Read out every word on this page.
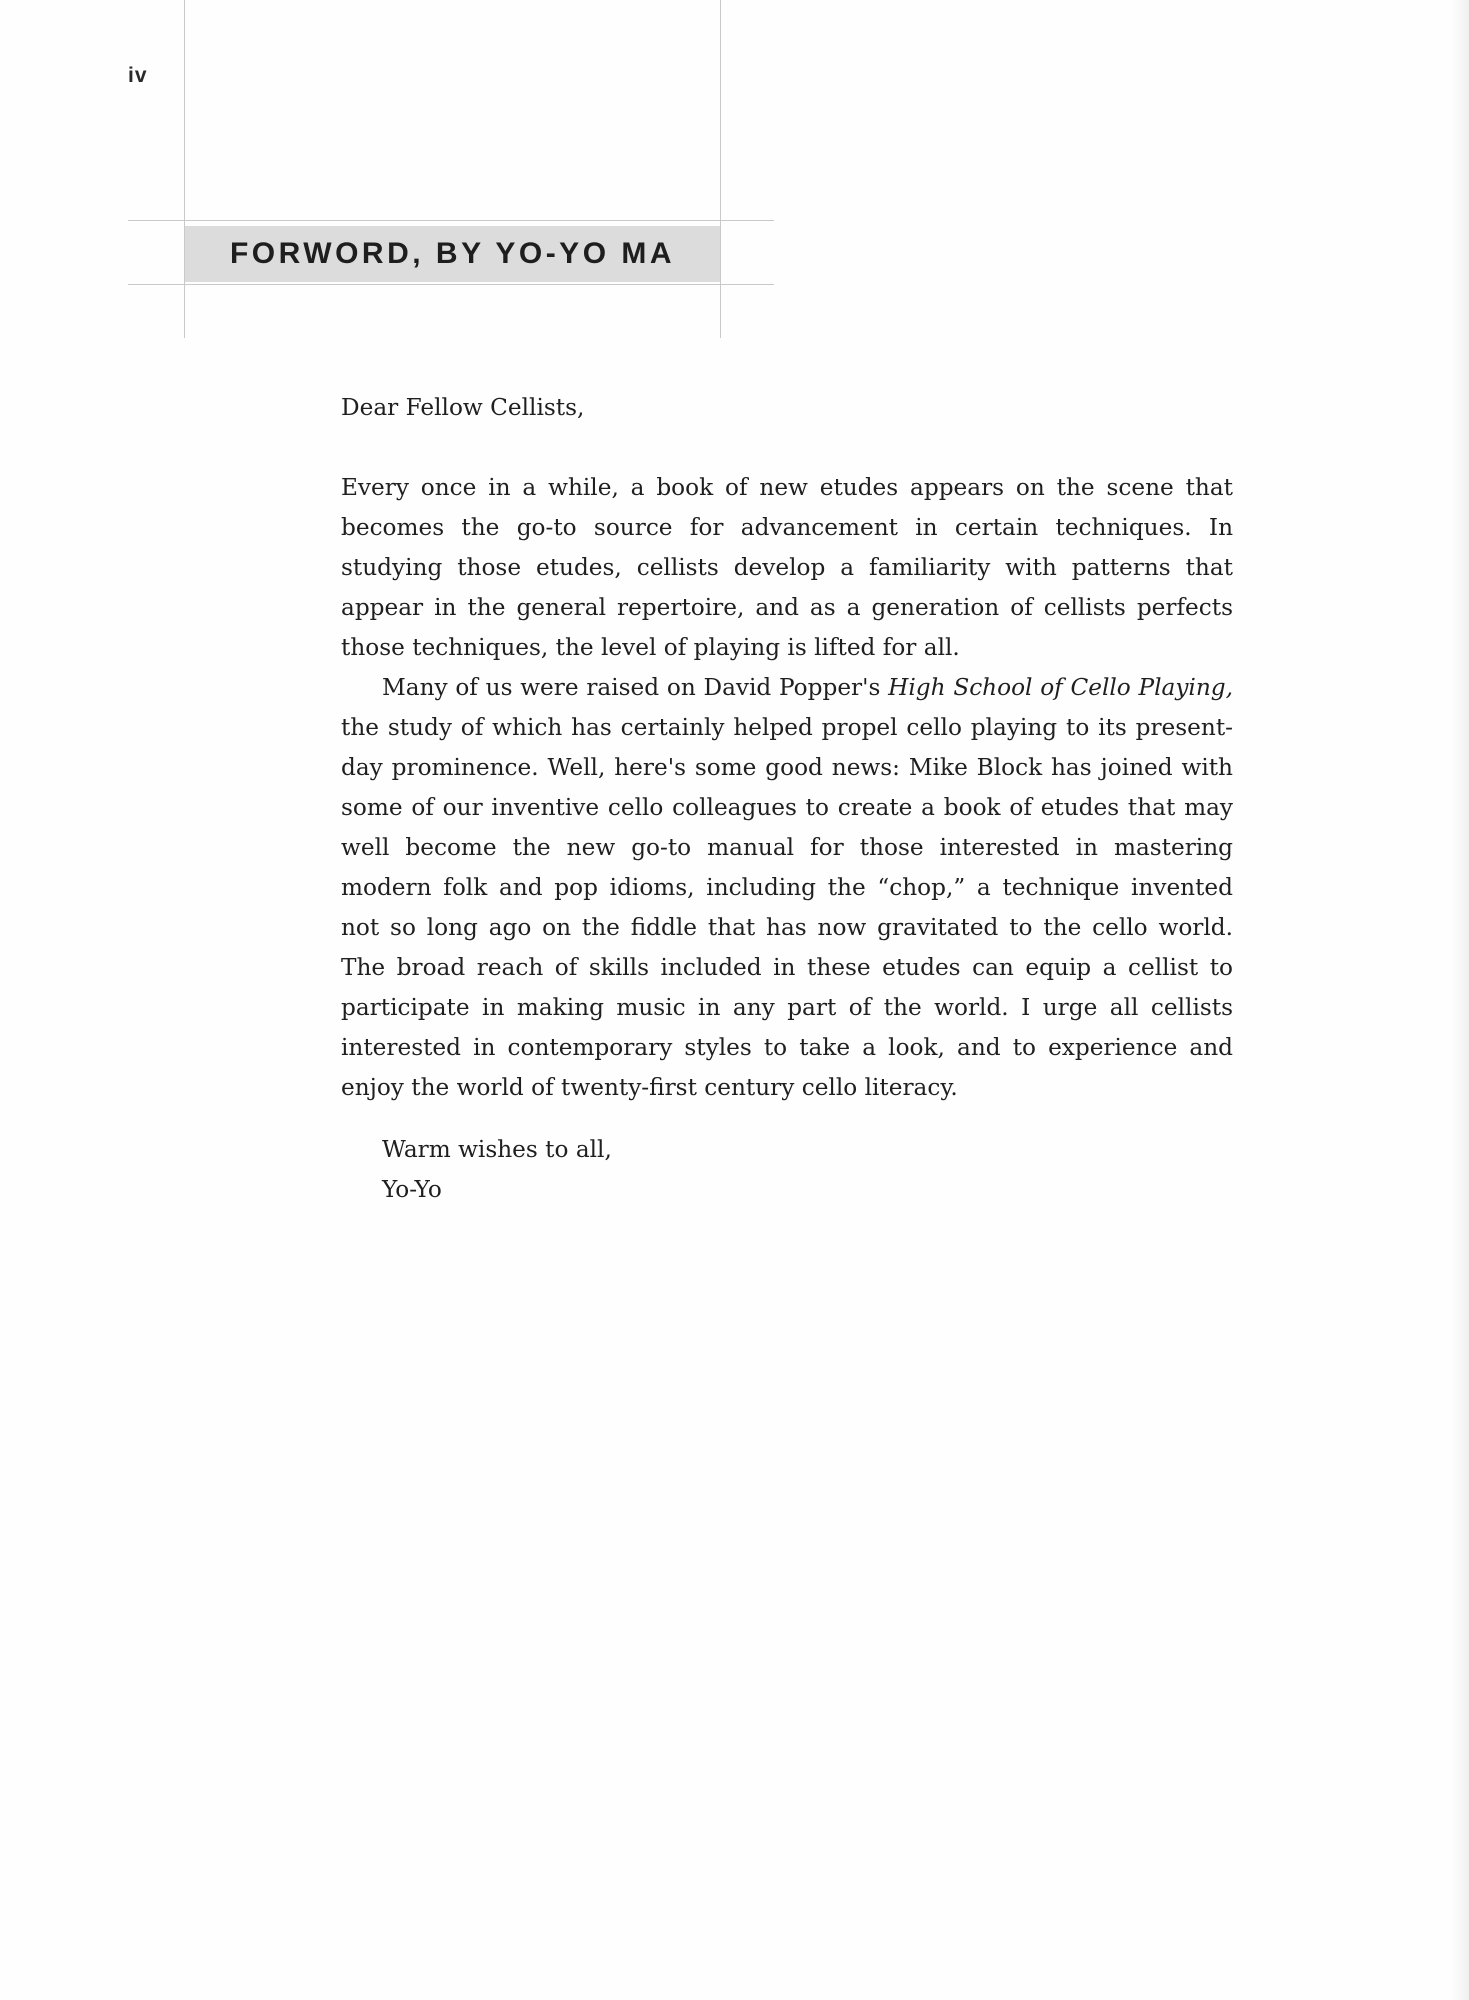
iv
FORWORD, BY YO-YO MA

Dear Fellow Cellists,

Every once in a while, a book of new etudes appears on the scene that becomes the go-to source for advancement in certain techniques. In studying those etudes, cellists develop a familiarity with patterns that appear in the general repertoire, and as a generation of cellists perfects those techniques, the level of playing is lifted for all.

Many of us were raised on David Popper's High School of Cello Playing, the study of which has certainly helped propel cello playing to its present-day prominence. Well, here's some good news: Mike Block has joined with some of our inventive cello colleagues to create a book of etudes that may well become the new go-to manual for those interested in mastering modern folk and pop idioms, including the “chop,” a technique invented not so long ago on the fiddle that has now gravitated to the cello world. The broad reach of skills included in these etudes can equip a cellist to participate in making music in any part of the world. I urge all cellists interested in contemporary styles to take a look, and to experience and enjoy the world of twenty-first century cello literacy.

Warm wishes to all,
Yo-Yo
